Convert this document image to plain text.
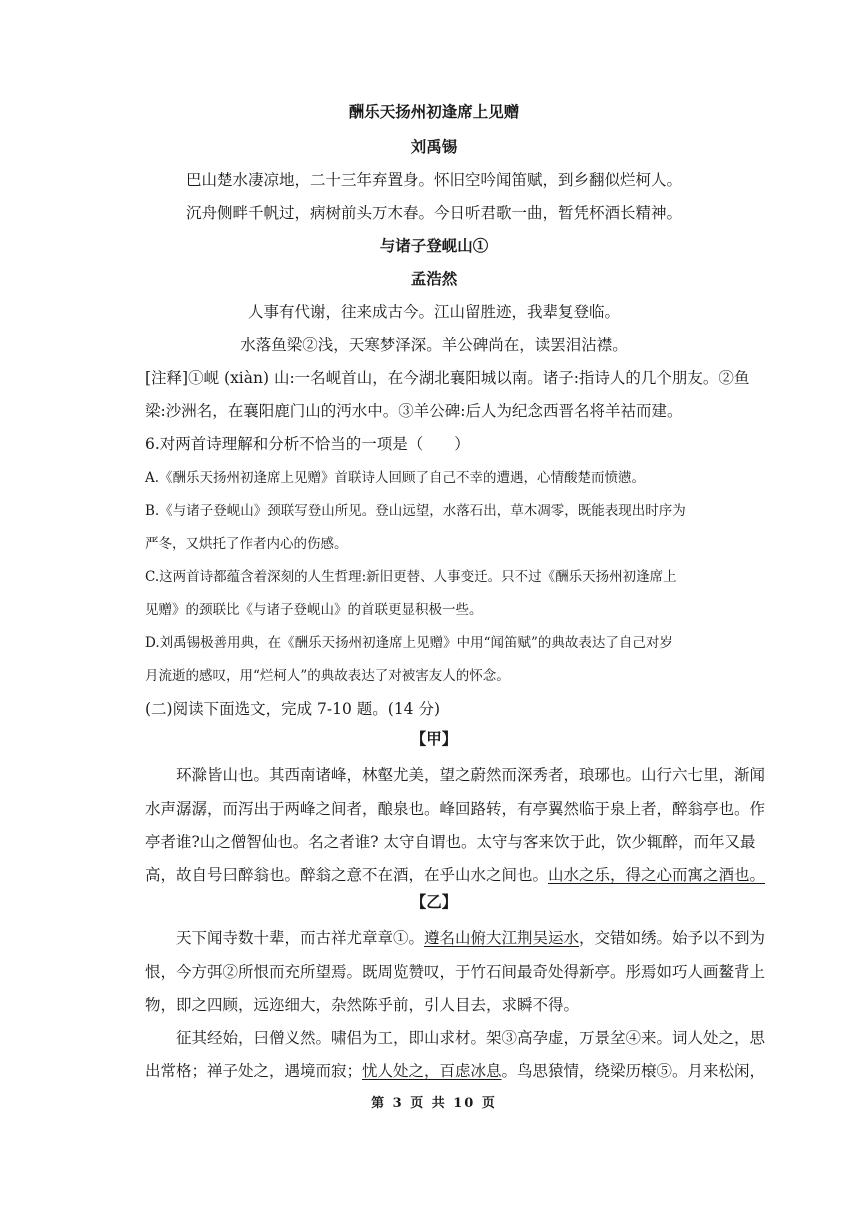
酬乐天扬州初逢席上见赠

刘禹锡

巴山楚水凄凉地，二十三年弃置身。怀旧空吟闻笛赋，到乡翻似烂柯人。

沉舟侧畔千帆过，病树前头万木春。今日听君歌一曲，暂凭杯酒长精神。

与诸子登岘山①

孟浩然

人事有代谢，往来成古今。江山留胜迹，我辈复登临。

水落鱼梁②浅，天寒梦泽深。羊公碑尚在，读罢泪沾襟。

[注释]①岘 (xiàn) 山:一名岘首山，在今湖北襄阳城以南。诸子:指诗人的几个朋友。②鱼

梁:沙洲名，在襄阳鹿门山的沔水中。③羊公碑:后人为纪念西晋名将羊祜而建。

6.对两首诗理解和分析不恰当的一项是（　　）

A.《酬乐天扬州初逢席上见赠》首联诗人回顾了自己不幸的遭遇，心情酸楚而愤懑。

B.《与诸子登岘山》颈联写登山所见。登山远望，水落石出，草木凋零，既能表现出时序为

严冬，又烘托了作者内心的伤感。

C.这两首诗都蕴含着深刻的人生哲理:新旧更替、人事变迁。只不过《酬乐天扬州初逢席上

见赠》的颈联比《与诸子登岘山》的首联更显积极一些。

D.刘禹锡极善用典，在《酬乐天扬州初逢席上见赠》中用“闻笛赋”的典故表达了自己对岁

月流逝的感叹，用“烂柯人”的典故表达了对被害友人的怀念。

(二)阅读下面选文，完成 7-10 题。(14 分)

【甲】

环滁皆山也。其西南诸峰，林壑尤美，望之蔚然而深秀者，琅琊也。山行六七里，渐闻

水声潺潺，而泻出于两峰之间者，酿泉也。峰回路转，有亭翼然临于泉上者，醉翁亭也。作

亭者谁?山之僧智仙也。名之者谁? 太守自谓也。太守与客来饮于此，饮少辄醉，而年又最

高，故自号曰醉翁也。醉翁之意不在酒，在乎山水之间也。山水之乐，得之心而寓之酒也。

【乙】

天下闻寺数十辈，而古祥尤章章①。遵名山俯大江荆吴运水，交错如绣。始予以不到为

恨，今方弭②所恨而充所望焉。既周览赞叹，于竹石间最奇处得新亭。彤焉如巧人画鳌背上

物，即之四顾，远迩细大，杂然陈乎前，引人目去，求瞬不得。

征其经始，曰僧义然。啸侣为工，即山求材。架③高孕虚，万景坌④来。词人处之，思

出常格；禅子处之，遇境而寂；忧人处之，百虑冰息。鸟思猿情，绕梁历榱⑤。月来松闲，

第 3 页 共 10 页
